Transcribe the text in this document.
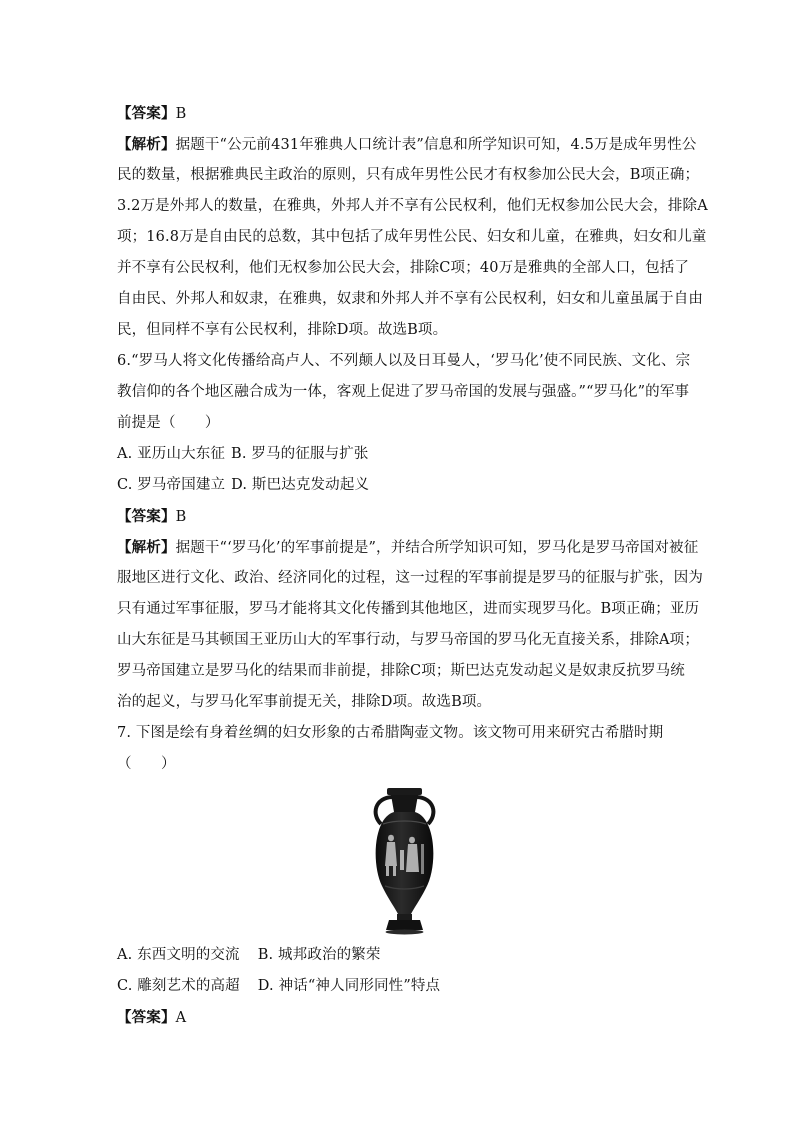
【答案】B
【解析】据题干“公元前431年雅典人口统计表”信息和所学知识可知，4.5万是成年男性公
民的数量，根据雅典民主政治的原则，只有成年男性公民才有权参加公民大会，B项正确；
3.2万是外邦人的数量，在雅典，外邦人并不享有公民权利，他们无权参加公民大会，排除A
项；16.8万是自由民的总数，其中包括了成年男性公民、妇女和儿童，在雅典，妇女和儿童
并不享有公民权利，他们无权参加公民大会，排除C项；40万是雅典的全部人口，包括了
自由民、外邦人和奴隶，在雅典，奴隶和外邦人并不享有公民权利，妇女和儿童虽属于自由
民，但同样不享有公民权利，排除D项。故选B项。
6.“罗马人将文化传播给高卢人、不列颠人以及日耳曼人，‘罗马化’使不同民族、文化、宗
教信仰的各个地区融合成为一体，客观上促进了罗马帝国的发展与强盛。”“罗马化”的军事
前提是（　　）
A. 亚历山大东征 B. 罗马的征服与扩张
C. 罗马帝国建立 D. 斯巴达克发动起义
【答案】B
【解析】据题干“‘罗马化’的军事前提是”，并结合所学知识可知，罗马化是罗马帝国对被征
服地区进行文化、政治、经济同化的过程，这一过程的军事前提是罗马的征服与扩张，因为
只有通过军事征服，罗马才能将其文化传播到其他地区，进而实现罗马化。B项正确；亚历
山大东征是马其顿国王亚历山大的军事行动，与罗马帝国的罗马化无直接关系，排除A项；
罗马帝国建立是罗马化的结果而非前提，排除C项；斯巴达克发动起义是奴隶反抗罗马统
治的起义，与罗马化军事前提无关，排除D项。故选B项。
7. 下图是绘有身着丝绸的妇女形象的古希腊陶壶文物。该文物可用来研究古希腊时期
（　　）
A. 东西文明的交流 B. 城邦政治的繁荣
C. 雕刻艺术的高超 D. 神话“神人同形同性”特点
【答案】A
